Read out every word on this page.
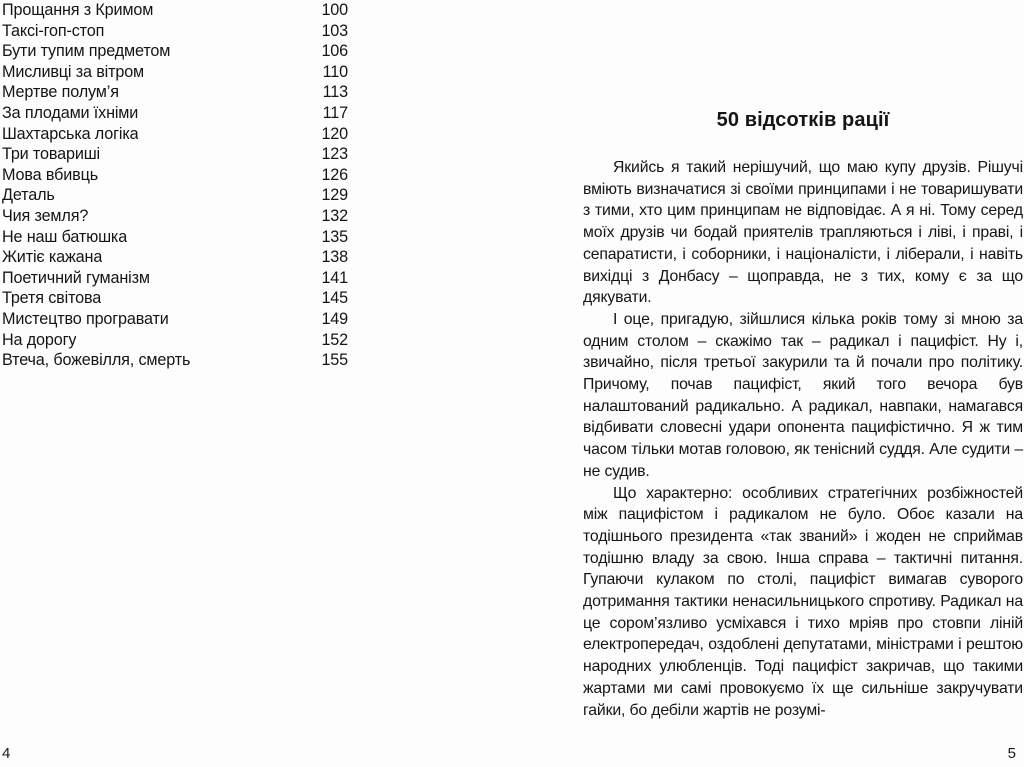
Прощання з Кримом	100
Таксі-гоп-стоп	103
Бути тупим предметом	106
Мисливці за вітром	110
Мертве полум’я	113
За плодами їхніми	117
Шахтарська логіка	120
Три товариші	123
Мова вбивць	126
Деталь	129
Чия земля?	132
Не наш батюшка	135
Житіє кажана	138
Поетичний гуманізм	141
Третя світова	145
Мистецтво програвати	149
На дорогу	152
Втеча, божевілля, смерть	155
4
50 відсотків рації

Якийсь я такий нерішучий, що маю купу друзів. Рішучі вміють визначатися зі своїми принципами і не товаришувати з тими, хто цим принципам не відповідає. А я ні. Тому серед моїх друзів чи бодай приятелів трапляються і ліві, і праві, і сепаратисти, і соборники, і націоналісти, і ліберали, і навіть вихідці з Донбасу – щоправда, не з тих, кому є за що дякувати.

І оце, пригадую, зійшлися кілька років тому зі мною за одним столом – скажімо так – радикал і пацифіст. Ну і, звичайно, після третьої закурили та й почали про політику. Причому, почав пацифіст, який того вечора був налаштований радикально. А радикал, навпаки, намагався відбивати словесні удари опонента пацифістично. Я ж тим часом тільки мотав головою, як тенісний суддя. Але судити – не судив.

Що характерно: особливих стратегічних розбіжностей між пацифістом і радикалом не було. Обоє казали на тодішнього президента «так званий» і жоден не сприймав тодішню владу за свою. Інша справа – тактичні питання. Гупаючи кулаком по столі, пацифіст вимагав суворого дотримання тактики ненасильницького спротиву. Радикал на це сором’язливо усміхався і тихо мріяв про стовпи ліній електропередач, оздоблені депутатами, міністрами і рештою народних улюбленців. Тоді пацифіст закричав, що такими жартами ми самі провокуємо їх ще сильніше закручувати гайки, бо дебіли жартів не розумі-

5
